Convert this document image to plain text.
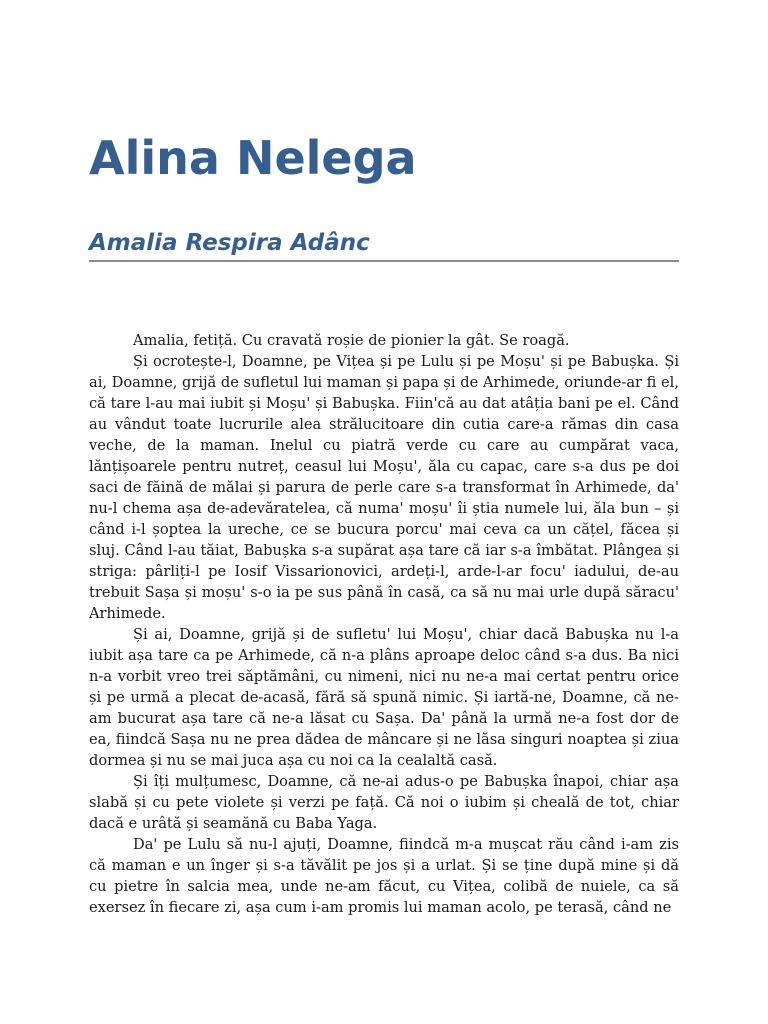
Alina Nelega
Amalia Respira Adânc

Amalia, fetiță. Cu cravată roșie de pionier la gât. Se roagă.

Și ocrotește-l, Doamne, pe Vițea și pe Lulu și pe Moșu' și pe Babușka. Și ai, Doamne, grijă de sufletul lui maman și papa și de Arhimede, oriunde-ar fi el, că tare l-au mai iubit și Moșu' și Babușka. Fiin'că au dat atâția bani pe el. Când au vândut toate lucrurile alea strălucitoare din cutia care-a rămas din casa veche, de la maman. Inelul cu piatră verde cu care au cumpărat vaca, lănțișoarele pentru nutreț, ceasul lui Moșu', ăla cu capac, care s-a dus pe doi saci de făină de mălai și parura de perle care s-a transformat în Arhimede, da' nu-l chema așa de-adevăratelea, că numa' moșu' îi știa numele lui, ăla bun – și când i-l șoptea la ureche, ce se bucura porcu' mai ceva ca un cățel, făcea și sluj. Când l-au tăiat, Babușka s-a supărat așa tare că iar s-a îmbătat. Plângea și striga: pârliți-l pe Iosif Vissarionovici, ardeți-l, arde-l-ar focu' iadului, de-au trebuit Sașa și moșu' s-o ia pe sus până în casă, ca să nu mai urle după săracu' Arhimede.

Și ai, Doamne, grijă și de sufletu' lui Moșu', chiar dacă Babușka nu l-a iubit așa tare ca pe Arhimede, că n-a plâns aproape deloc când s-a dus. Ba nici n-a vorbit vreo trei săptămâni, cu nimeni, nici nu ne-a mai certat pentru orice și pe urmă a plecat de-acasă, fără să spună nimic. Și iartă-ne, Doamne, că ne-am bucurat așa tare că ne-a lăsat cu Sașa. Da' până la urmă ne-a fost dor de ea, fiindcă Sașa nu ne prea dădea de mâncare și ne lăsa singuri noaptea și ziua dormea și nu se mai juca așa cu noi ca la cealaltă casă.

Și îți mulțumesc, Doamne, că ne-ai adus-o pe Babușka înapoi, chiar așa slabă și cu pete violete și verzi pe față. Că noi o iubim și cheală de tot, chiar dacă e urâtă și seamănă cu Baba Yaga.

Da' pe Lulu să nu-l ajuți, Doamne, fiindcă m-a mușcat rău când i-am zis că maman e un înger și s-a tăvălit pe jos și a urlat. Și se ține după mine și dă cu pietre în salcia mea, unde ne-am făcut, cu Vițea, colibă de nuiele, ca să exersez în fiecare zi, așa cum i-am promis lui maman acolo, pe terasă, când ne
